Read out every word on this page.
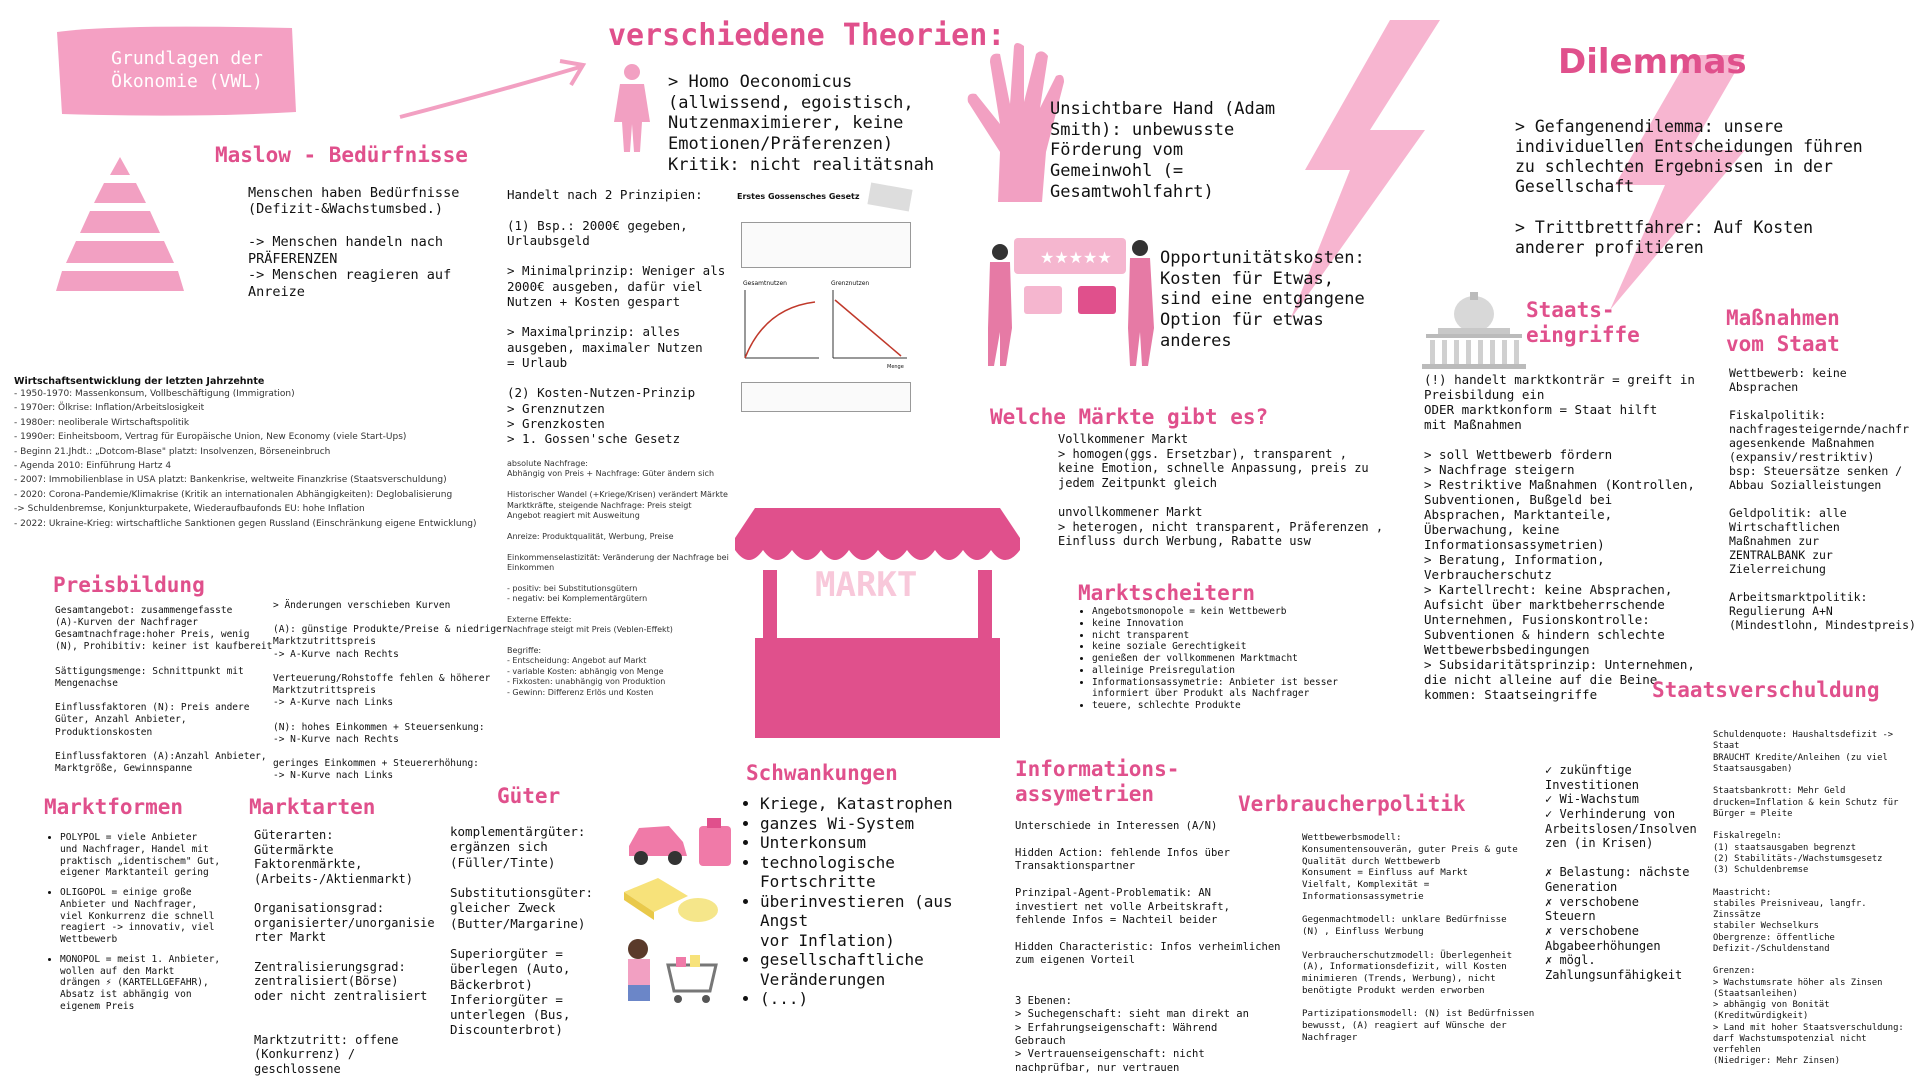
Grundlagen der
Ökonomie (VWL)
verschiedene Theorien:
> Homo Oeconomicus
(allwissend, egoistisch,
Nutzenmaximierer, keine
Emotionen/Präferenzen)
Kritik: nicht realitätsnah
Unsichtbare Hand (Adam
Smith): unbewusste
Förderung vom
Gemeinwohl (=
Gesamtwohlfahrt)
★★★★★	Opportunitätskosten:
Kosten für Etwas,
sind eine entgangene
Option für etwas
anderes
Maslow - Bedürfnisse
Menschen haben Bedürfnisse
(Defizit-&Wachstumsbed.)

-> Menschen handeln nach
PRÄFERENZEN
-> Menschen reagieren auf
Anreize
Handelt nach 2 Prinzipien:

(1) Bsp.: 2000€ gegeben,
Urlaubsgeld

> Minimalprinzip: Weniger als
2000€ ausgeben, dafür viel
Nutzen + Kosten gespart

> Maximalprinzip: alles
ausgeben, maximaler Nutzen
= Urlaub

(2) Kosten-Nutzen-Prinzip
> Grenznutzen
> Grenzkosten
> 1. Gossen'sche Gesetz
Erstes Gossensches Gesetz
Gesamtnutzen	Grenznutzen
Menge
Wirtschaftsentwicklung der letzten Jahrzehnte
- 1950-1970: Massenkonsum, Vollbeschäftigung (Immigration)
- 1970er: Ölkrise: Inflation/Arbeitslosigkeit
- 1980er: neoliberale Wirtschaftspolitik
- 1990er: Einheitsboom, Vertrag für Europäische Union, New Economy (viele Start-Ups)
- Beginn 21.Jhdt.: „Dotcom-Blase" platzt: Insolvenzen, Börseneinbruch
- Agenda 2010: Einführung Hartz 4
- 2007: Immobilienblase in USA platzt: Bankenkrise, weltweite Finanzkrise (Staatsverschuldung)
- 2020: Corona-Pandemie/Klimakrise (Kritik an internationalen Abhängigkeiten): Deglobalisierung
-> Schuldenbremse, Konjunkturpakete, Wiederaufbaufonds EU: hohe Inflation
- 2022: Ukraine-Krieg: wirtschaftliche Sanktionen gegen Russland (Einschränkung eigene Entwicklung)
absolute Nachfrage:
Abhängig von Preis + Nachfrage: Güter ändern sich

Historischer Wandel (+Kriege/Krisen) verändert Märkte
Marktkräfte, steigende Nachfrage: Preis steigt
Angebot reagiert mit Ausweitung

Anreize: Produktqualität, Werbung, Preise

Einkommenselastizität: Veränderung der Nachfrage bei Einkommen

- positiv: bei Substitutionsgütern
- negativ: bei Komplementärgütern

Externe Effekte:
Nachfrage steigt mit Preis (Veblen-Effekt)

Begriffe:
- Entscheidung: Angebot auf Markt
- variable Kosten: abhängig von Menge
- Fixkosten: unabhängig von Produktion
- Gewinn: Differenz Erlös und Kosten
Preisbildung
Gesamtangebot: zusammengefasste
(A)-Kurven der Nachfrager
Gesamtnachfrage:hoher Preis, wenig
(N), Prohibitiv: keiner ist kaufbereit

Sättigungsmenge: Schnittpunkt mit
Mengenachse

Einflussfaktoren (N): Preis andere
Güter, Anzahl Anbieter,
Produktionskosten

Einflussfaktoren (A):Anzahl Anbieter,
Marktgröße, Gewinnspanne
> Änderungen verschieben Kurven

(A): günstige Produkte/Preise & niedriger
Marktzutrittspreis
-> A-Kurve nach Rechts

Verteuerung/Rohstoffe fehlen & höherer
Marktzutrittspreis
-> A-Kurve nach Links

(N): hohes Einkommen + Steuersenkung:
-> N-Kurve nach Rechts

geringes Einkommen + Steuererhöhung:
-> N-Kurve nach Links
MARKT
Welche Märkte gibt es?
Vollkommener Markt
> homogen(ggs. Ersetzbar), transparent ,
keine Emotion, schnelle Anpassung, preis zu
jedem Zeitpunkt gleich

unvollkommener Markt
> heterogen, nicht transparent, Präferenzen ,
Einfluss durch Werbung, Rabatte usw
Marktscheitern
• Angebotsmonopole = kein Wettbewerb
• keine Innovation
• nicht transparent
• keine soziale Gerechtigkeit
• genießen der vollkommenen Marktmacht
• alleinige Preisregulation
• Informationsassymetrie: Anbieter ist besser
informiert über Produkt als Nachfrager
• teuere, schlechte Produkte
Dilemmas
> Gefangenendilemma: unsere
individuellen Entscheidungen führen
zu schlechten Ergebnissen in der
Gesellschaft

> Trittbrettfahrer: Auf Kosten
anderer profitieren
Staats-
eingriffe
(!) handelt marktkonträr = greift in
Preisbildung ein
ODER marktkonform = Staat hilft
mit Maßnahmen

> soll Wettbewerb fördern
> Nachfrage steigern
> Restriktive Maßnahmen (Kontrollen,
Subventionen, Bußgeld bei
Absprachen, Marktanteile,
Überwachung, keine
Informationsassymetrien)
> Beratung, Information,
Verbraucherschutz
> Kartellrecht: keine Absprachen,
Aufsicht über marktbeherrschende
Unternehmen, Fusionskontrolle:
Subventionen & hindern schlechte
Wettbewerbsbedingungen
> Subsidaritätsprinzip: Unternehmen,
die nicht alleine auf die Beine
kommen: Staatseingriffe
Maßnahmen
vom Staat
Wettbewerb: keine
Absprachen

Fiskalpolitik:
nachfragesteigernde/nachfr
agesenkende Maßnahmen
(expansiv/restriktiv)
bsp: Steuersätze senken /
Abbau Sozialleistungen

Geldpolitik: alle
Wirtschaftlichen
Maßnahmen zur
ZENTRALBANK zur
Zielerreichung

Arbeitsmarktpolitik:
Regulierung A+N
(Mindestlohn, Mindestpreis)
Staatsverschuldung
Schuldenquote: Haushaltsdefizit -> Staat
BRAUCHT Kredite/Anleihen (zu viel
Staatsausgaben)

Staatsbankrott: Mehr Geld
drucken=Inflation & kein Schutz für
Bürger = Pleite

Fiskalregeln:
(1) staatsausgaben begrenzt
(2) Stabilitäts-/Wachstumsgesetz
(3) Schuldenbremse

Maastricht:
stabiles Preisniveau, langfr. Zinssätze
stabiler Wechselkurs
Obergrenze: öffentliche
Defizit-/Schuldenstand

Grenzen:
> Wachstumsrate höher als Zinsen
(Staatsanleihen)
> abhängig von Bonität (Kreditwürdigkeit)
> Land mit hoher Staatsverschuldung:
darf Wachstumspotenzial nicht verfehlen
(Niedriger: Mehr Zinsen)
✓ zukünftige
Investitionen
✓ Wi-Wachstum
✓ Verhinderung von
Arbeitslosen/Insolven
zen (in Krisen)

✗ Belastung: nächste
Generation
✗ verschobene
Steuern
✗ verschobene
Abgabeerhöhungen
✗ mögl.
Zahlungsunfähigkeit
Marktformen
• POLYPOL = viele Anbieter
und Nachfrager, Handel mit
praktisch „identischem" Gut,
eigener Marktanteil gering
• OLIGOPOL = einige große
Anbieter und Nachfrager,
viel Konkurrenz die schnell
reagiert -> innovativ, viel
Wettbewerb
• MONOPOL = meist 1. Anbieter,
wollen auf den Markt
drängen ⚡ (KARTELLGEFAHR),
Absatz ist abhängig von
eigenem Preis
Marktarten
Güterarten:
Gütermärkte
Faktorenmärkte,
(Arbeits-/Aktienmarkt)

Organisationsgrad:
organisierter/unorganisie
rter Markt

Zentralisierungsgrad:
zentralisiert(Börse)
oder nicht zentralisiert

Marktzutritt: offene
(Konkurrenz) /
geschlossene
Güter
komplementärgüter:
ergänzen sich
(Füller/Tinte)

Substitutionsgüter:
gleicher Zweck
(Butter/Margarine)

Superiorgüter =
überlegen (Auto,
Bäckerbrot)
Inferiorgüter =
unterlegen (Bus,
Discounterbrot)
Schwankungen
• Kriege, Katastrophen
• ganzes Wi-System
• Unterkonsum
• technologische
Fortschritte
• überinvestieren (aus Angst
vor Inflation)
• gesellschaftliche
Veränderungen
• (...)
Informations-
assymetrien
Unterschiede in Interessen (A/N)

Hidden Action: fehlende Infos über
Transaktionspartner

Prinzipal-Agent-Problematik: AN
investiert net volle Arbeitskraft,
fehlende Infos = Nachteil beider

Hidden Characteristic: Infos verheimlichen
zum eigenen Vorteil

3 Ebenen:
> Suchegenschaft: sieht man direkt an
> Erfahrungseigenschaft: Während
Gebrauch
> Vertrauenseigenschaft: nicht
nachprüfbar, nur vertrauen
Verbraucherpolitik
Wettbewerbsmodell:
Konsumentensouverän, guter Preis & gute
Qualität durch Wettbewerb
Konsument = Einfluss auf Markt
Vielfalt, Komplexität =
Informationsassymetrie

Gegenmachtmodell: unklare Bedürfnisse
(N) , Einfluss Werbung

Verbraucherschutzmodell: Überlegenheit
(A), Informationsdefizit, will Kosten
minimieren (Trends, Werbung), nicht
benötigte Produkt werden erworben

Partizipationsmodell: (N) ist Bedürfnissen
bewusst, (A) reagiert auf Wünsche der
Nachfrager
